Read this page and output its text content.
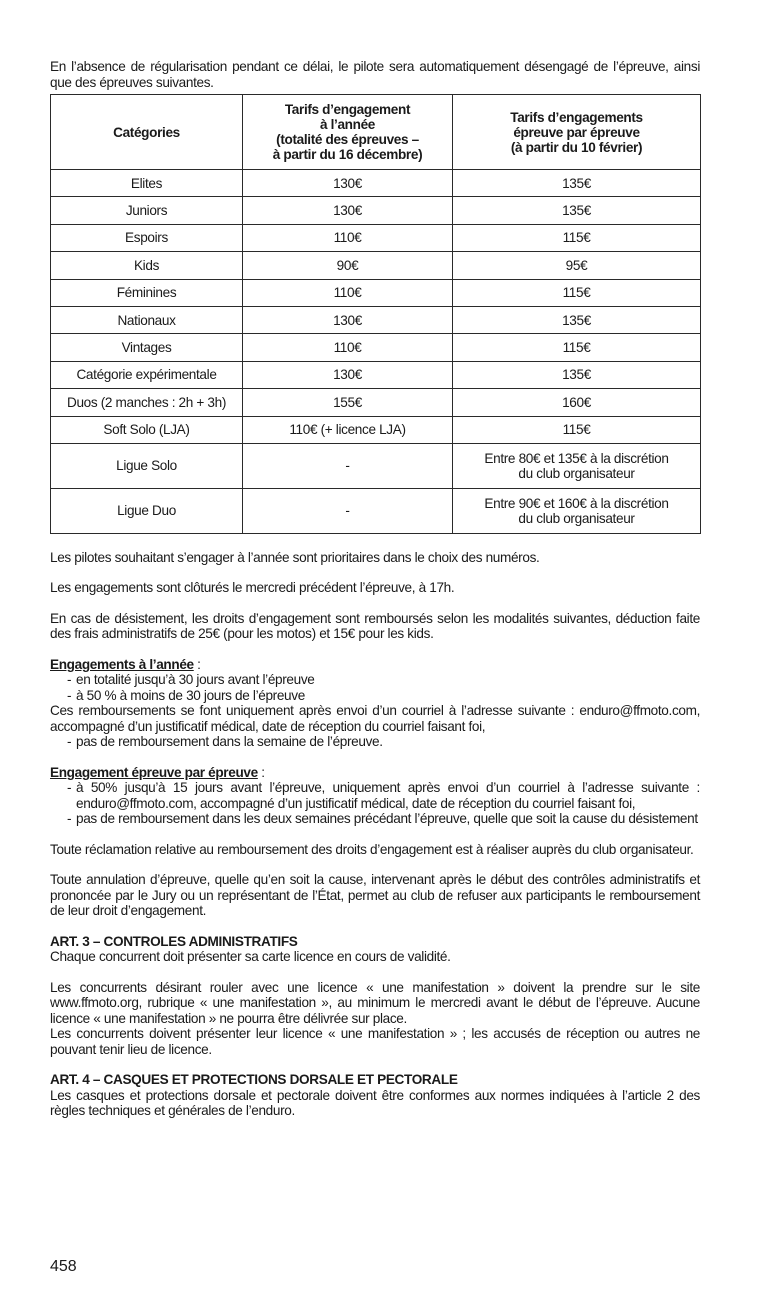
En l’absence de régularisation pendant ce délai, le pilote sera automatiquement désengagé de l’épreuve, ainsi que des épreuves suivantes.

Catégories	Tarifs d’engagement
à l’année
(totalité des épreuves –
à partir du 16 décembre)	Tarifs d’engagements
épreuve par épreuve
(à partir du 10 février)
Elites	130€	135€
Juniors	130€	135€
Espoirs	110€	115€
Kids	90€	95€
Féminines	110€	115€
Nationaux	130€	135€
Vintages	110€	115€
Catégorie expérimentale	130€	135€
Duos (2 manches : 2h + 3h)	155€	160€
Soft Solo (LJA)	110€ (+ licence LJA)	115€
Ligue Solo	-	Entre 80€ et 135€ à la discrétion
du club organisateur
Ligue Duo	-	Entre 90€ et 160€ à la discrétion
du club organisateur

Les pilotes souhaitant s’engager à l’année sont prioritaires dans le choix des numéros.

Les engagements sont clôturés le mercredi précédent l’épreuve, à 17h.

En cas de désistement, les droits d’engagement sont remboursés selon les modalités suivantes, déduction faite des frais administratifs de 25€ (pour les motos) et 15€ pour les kids.

Engagements à l’année :

- en totalité jusqu’à 30 jours avant l’épreuve
- à 50 % à moins de 30 jours de l’épreuve

Ces remboursements se font uniquement après envoi d’un courriel à l’adresse suivante : enduro@ffmoto.com, accompagné d’un justificatif médical, date de réception du courriel faisant foi,

- pas de remboursement dans la semaine de l’épreuve.

Engagement épreuve par épreuve :

- à 50% jusqu’à 15 jours avant l’épreuve, uniquement après envoi d’un courriel à l’adresse suivante : enduro@ffmoto.com, accompagné d’un justificatif médical, date de réception du courriel faisant foi,
- pas de remboursement dans les deux semaines précédant l’épreuve, quelle que soit la cause du désistement

Toute réclamation relative au remboursement des droits d’engagement est à réaliser auprès du club organisateur.

Toute annulation d’épreuve, quelle qu’en soit la cause, intervenant après le début des contrôles administratifs et prononcée par le Jury ou un représentant de l’État, permet au club de refuser aux participants le remboursement de leur droit d’engagement.

ART. 3 – CONTROLES ADMINISTRATIFS

Chaque concurrent doit présenter sa carte licence en cours de validité.

Les concurrents désirant rouler avec une licence « une manifestation » doivent la prendre sur le site www.ffmoto.org, rubrique « une manifestation », au minimum le mercredi avant le début de l’épreuve. Aucune licence « une manifestation » ne pourra être délivrée sur place.

Les concurrents doivent présenter leur licence « une manifestation » ; les accusés de réception ou autres ne pouvant tenir lieu de licence.

ART. 4 – CASQUES ET PROTECTIONS DORSALE ET PECTORALE

Les casques et protections dorsale et pectorale doivent être conformes aux normes indiquées à l’article 2 des règles techniques et générales de l’enduro.

458
